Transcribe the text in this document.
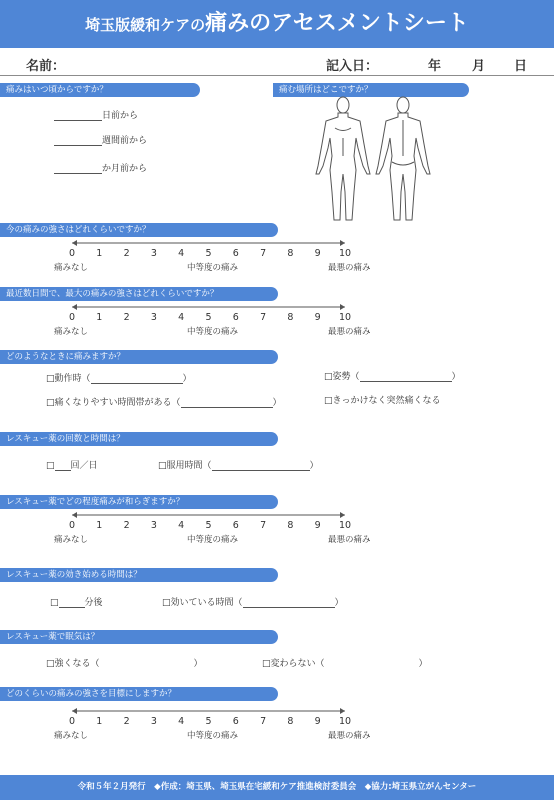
埼玉版緩和ケアの痛みのアセスメントシート
名前：	記入日：	年 月 日
痛みはいつ頃からですか？
日前から
週間前から
か月前から
痛む場所はどこですか？
今の痛みの強さはどれくらいですか？
0	1	2	3	4	5	6	7	8	9	10
痛みなし	中等度の痛み	最悪の痛み
最近数日間で、最大の痛みの強さはどれくらいですか？
0	1	2	3	4	5	6	7	8	9	10
痛みなし	中等度の痛み	最悪の痛み
どのようなときに痛みますか？
□動作時（	）	□姿勢（	）
□痛くなりやすい時間帯がある（	）	□きっかけなく突然痛くなる
レスキュー薬の回数と時間は？
□ 回／日	□服用時間（	）
レスキュー薬でどの程度痛みが和らぎますか？
0	1	2	3	4	5	6	7	8	9	10
痛みなし	中等度の痛み	最悪の痛み
レスキュー薬の効き始める時間は？
□	分後	□効いている時間（	）
レスキュー薬で眠気は？
□強くなる（	）	□変わらない（	）
どのくらいの痛みの強さを目標にしますか？
0	1	2	3	4	5	6	7	8	9	10
痛みなし	中等度の痛み	最悪の痛み
令和５年２月発行　◆作成：埼玉県、埼玉県在宅緩和ケア推進検討委員会　◆協力:埼玉県立がんセンター
